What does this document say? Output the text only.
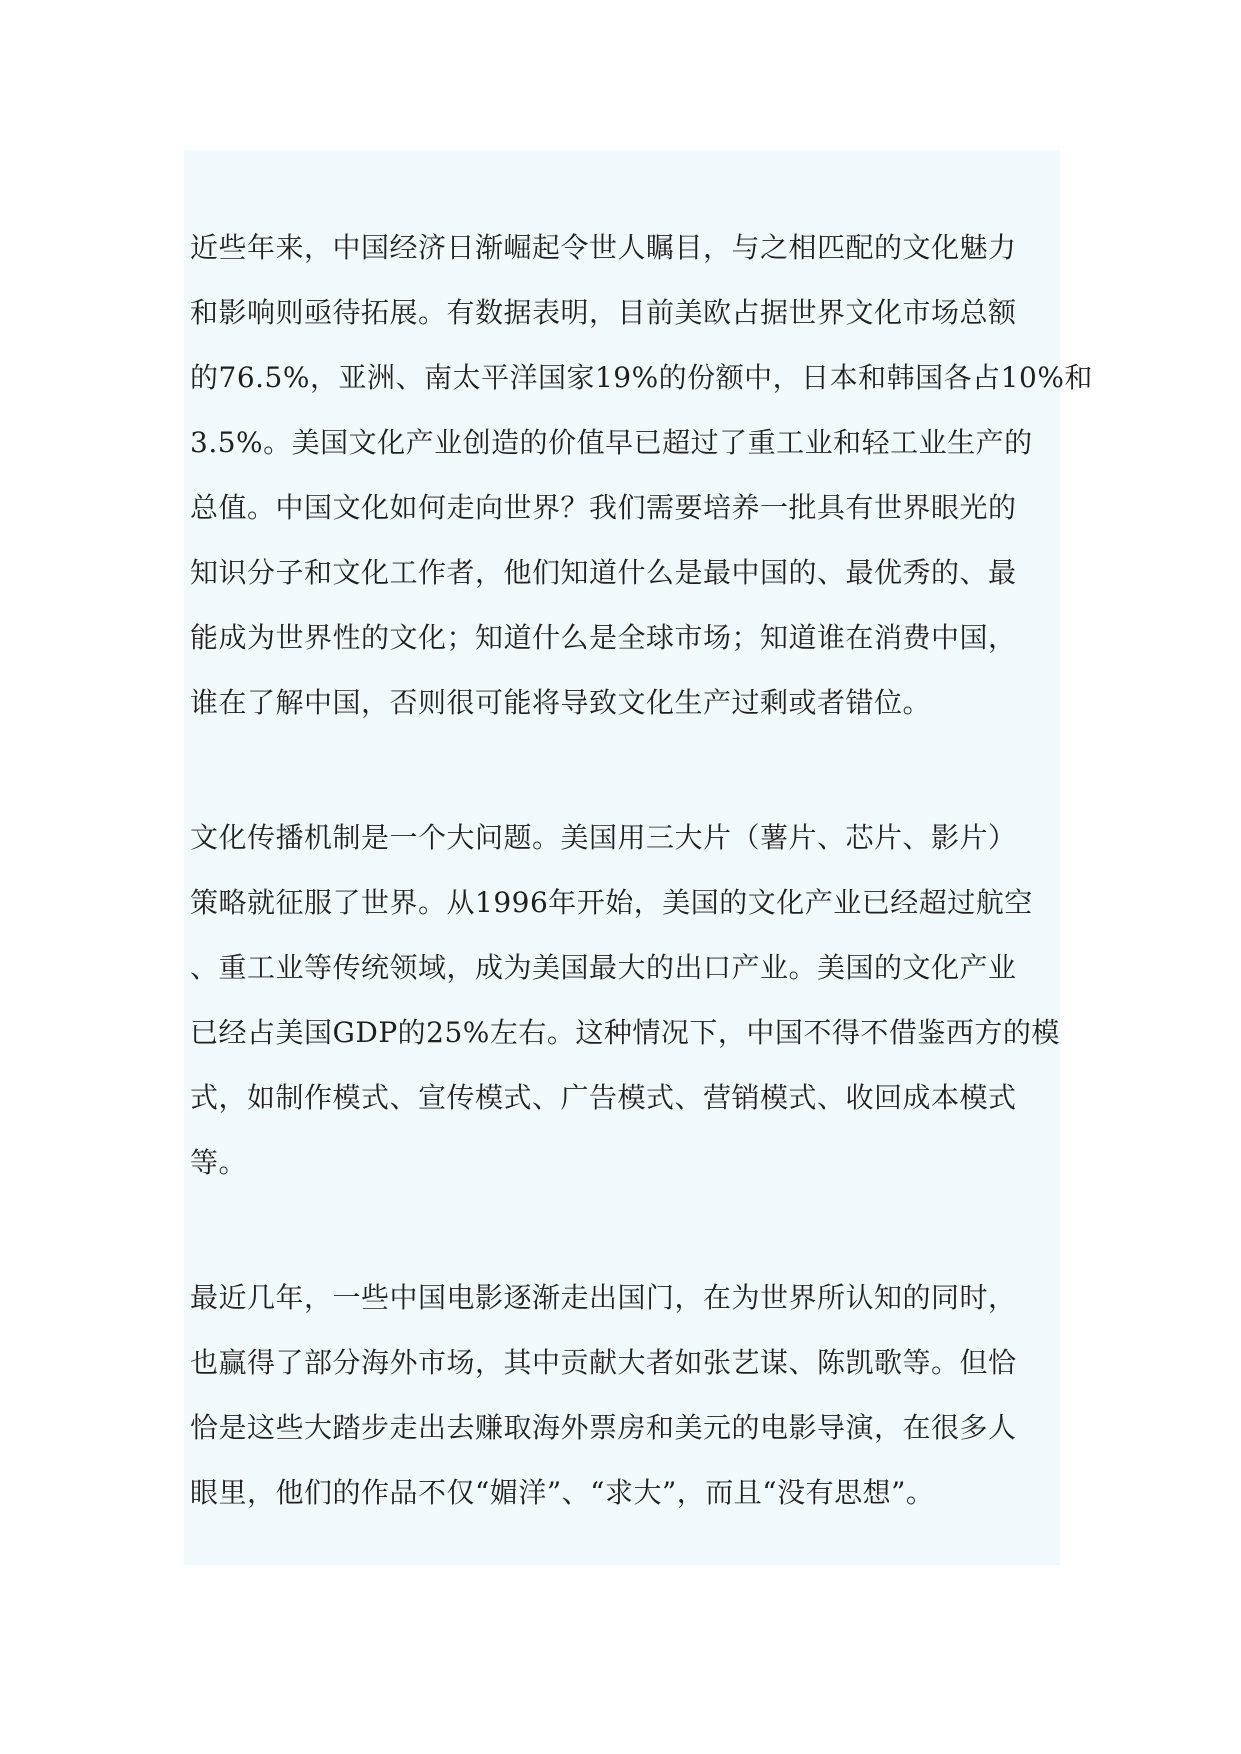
近些年来，中国经济日渐崛起令世人瞩目，与之相匹配的文化魅力
和影响则亟待拓展。有数据表明，目前美欧占据世界文化市场总额
的76.5%，亚洲、南太平洋国家19%的份额中，日本和韩国各占10%和
3.5%。美国文化产业创造的价值早已超过了重工业和轻工业生产的
总值。中国文化如何走向世界？我们需要培养一批具有世界眼光的
知识分子和文化工作者，他们知道什么是最中国的、最优秀的、最
能成为世界性的文化；知道什么是全球市场；知道谁在消费中国，
谁在了解中国，否则很可能将导致文化生产过剩或者错位。
文化传播机制是一个大问题。美国用三大片（薯片、芯片、影片）
策略就征服了世界。从1996年开始，美国的文化产业已经超过航空
、重工业等传统领域，成为美国最大的出口产业。美国的文化产业
已经占美国GDP的25%左右。这种情况下，中国不得不借鉴西方的模
式，如制作模式、宣传模式、广告模式、营销模式、收回成本模式
等。
最近几年，一些中国电影逐渐走出国门，在为世界所认知的同时，
也赢得了部分海外市场，其中贡献大者如张艺谋、陈凯歌等。但恰
恰是这些大踏步走出去赚取海外票房和美元的电影导演，在很多人
眼里，他们的作品不仅“媚洋”、“求大”，而且“没有思想”。
